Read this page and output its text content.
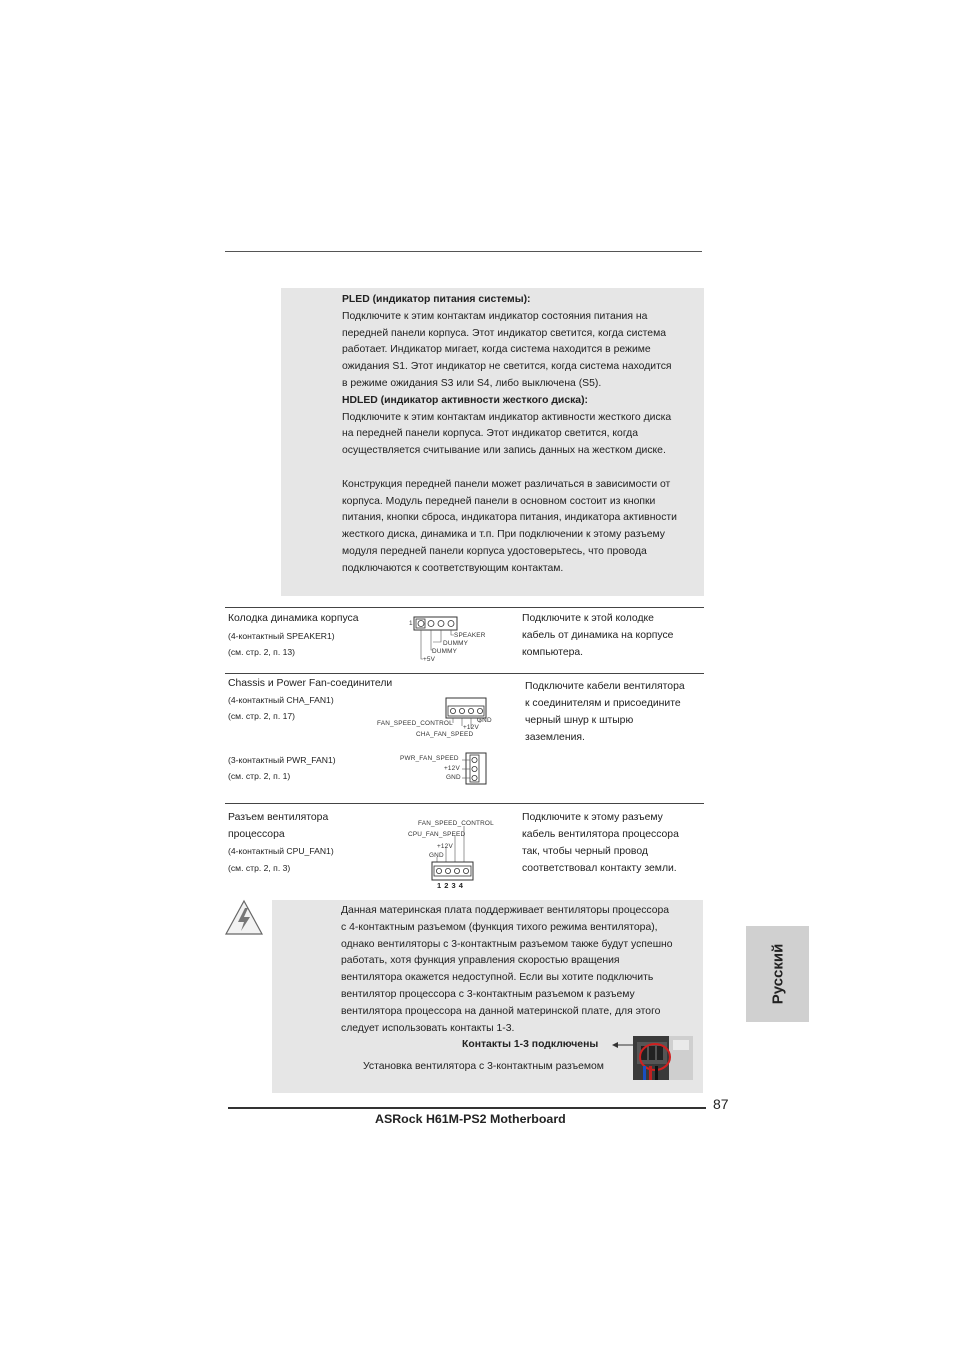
PLED (индикатор питания системы):
Подключите к этим контактам индикатор состояния питания на
передней панели корпуса. Этот индикатор светится, когда система
работает. Индикатор мигает, когда система находится в режиме
ожидания S1. Этот индикатор не светится, когда система находится
в режиме ожидания S3 или S4, либо выключена (S5).
HDLED (индикатор активности жесткого диска):
Подключите к этим контактам индикатор активности жесткого диска
на передней панели корпуса. Этот индикатор светится, когда
осуществляется считывание или запись данных на жестком диске.
Конструкция передней панели может различаться в зависимости от
корпуса. Модуль передней панели в основном состоит из кнопки
питания, кнопки сброса, индикатора питания, индикатора активности
жесткого диска, динамика и т.п. При подключении к этому разъему
модуля передней панели корпуса удостоверьтесь, что провода
подключаются к соответствующим контактам.
Колодка динамика корпуса
(4-контактный SPEAKER1)
(см. стр. 2, п. 13)
Подключите к этой колодке
кабель от динамика на корпусе
компьютера.
1
SPEAKER
DUMMY
DUMMY
+5V
Chassis и Power Fan-соединители
(4-контактный CHA_FAN1)
(см. стр. 2, п. 17)
(3-контактный PWR_FAN1)
(см. стр. 2, п. 1)
Подключите кабели вентилятора
к соединителям и присоедините
черный шнур к штырю
заземления.
FAN_SPEED_CONTROL	GND
+12V
CHA_FAN_SPEED
PWR_FAN_SPEED
+12V
GND
Разъем вентилятора
процессора
(4-контактный CPU_FAN1)
(см. стр. 2, п. 3)
Подключите к этому разъему
кабель вентилятора процессора
так, чтобы черный провод
соответствовал контакту земли.
FAN_SPEED_CONTROL
CPU_FAN_SPEED
+12V
GND
1 2 3 4
Данная материнская плата поддерживает вентиляторы процессора
с 4-контактным разъемом (функция тихого режима вентилятора),
однако вентиляторы с 3-контактным разъемом также будут успешно
работать, хотя функция управления скоростью вращения
вентилятора окажется недоступной. Если вы хотите подключить
вентилятор процессора с 3-контактным разъемом к разъему
вентилятора процессора на данной материнской плате, для этого
следует использовать контакты 1-3.
Контакты 1-3 подключены
Установка вентилятора с 3-контактным разъемом
Русский
87
ASRock H61M-PS2 Motherboard
